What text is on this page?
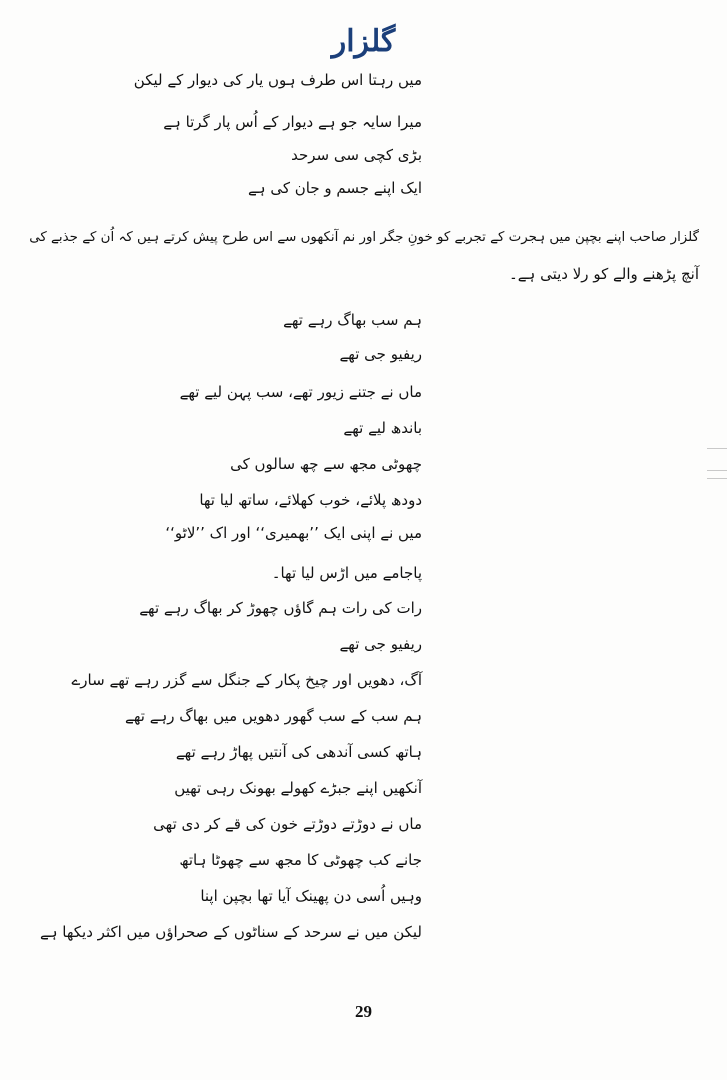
گلزار
میں رہتا اس طرف ہوں یار کی دیوار کے لیکن
میرا سایہ جو ہے دیوار کے اُس پار گرتا ہے
بڑی کچی سی سرحد
ایک اپنے جسم و جان کی ہے
گلزار صاحب اپنے بچپن میں ہجرت کے تجربے کو خونِ جگر اور نم آنکھوں سے اس طرح پیش کرتے ہیں کہ اُن کے جذبے کی
آنچ پڑھنے والے کو رلا دیتی ہے۔
ہم سب بھاگ رہے تھے
ریفیو جی تھے
ماں نے جتنے زیور تھے، سب پہن لیے تھے
باندھ لیے تھے
چھوٹی مجھ سے چھ سالوں کی
دودھ پلائے، خوب کھلائے، ساتھ لیا تھا
میں نے اپنی ایک ’’بھمیری‘‘ اور اک ’’لاٹو‘‘
پاجامے میں اڑس لیا تھا۔
رات کی رات ہم گاؤں چھوڑ کر بھاگ رہے تھے
ریفیو جی تھے
آگ، دھویں اور چیخ پکار کے جنگل سے گزر رہے تھے سارے
ہم سب کے سب گھور دھویں میں بھاگ رہے تھے
ہاتھ کسی آندھی کی آنتیں پھاڑ رہے تھے
آنکھیں اپنے جبڑے کھولے بھونک رہی تھیں
ماں نے دوڑتے دوڑتے خون کی قے کر دی تھی
جانے کب چھوٹی کا مجھ سے چھوٹا ہاتھ
وہیں اُسی دن پھینک آیا تھا بچپن اپنا
لیکن میں نے سرحد کے سناٹوں کے صحراؤں میں اکثر دیکھا ہے
29
